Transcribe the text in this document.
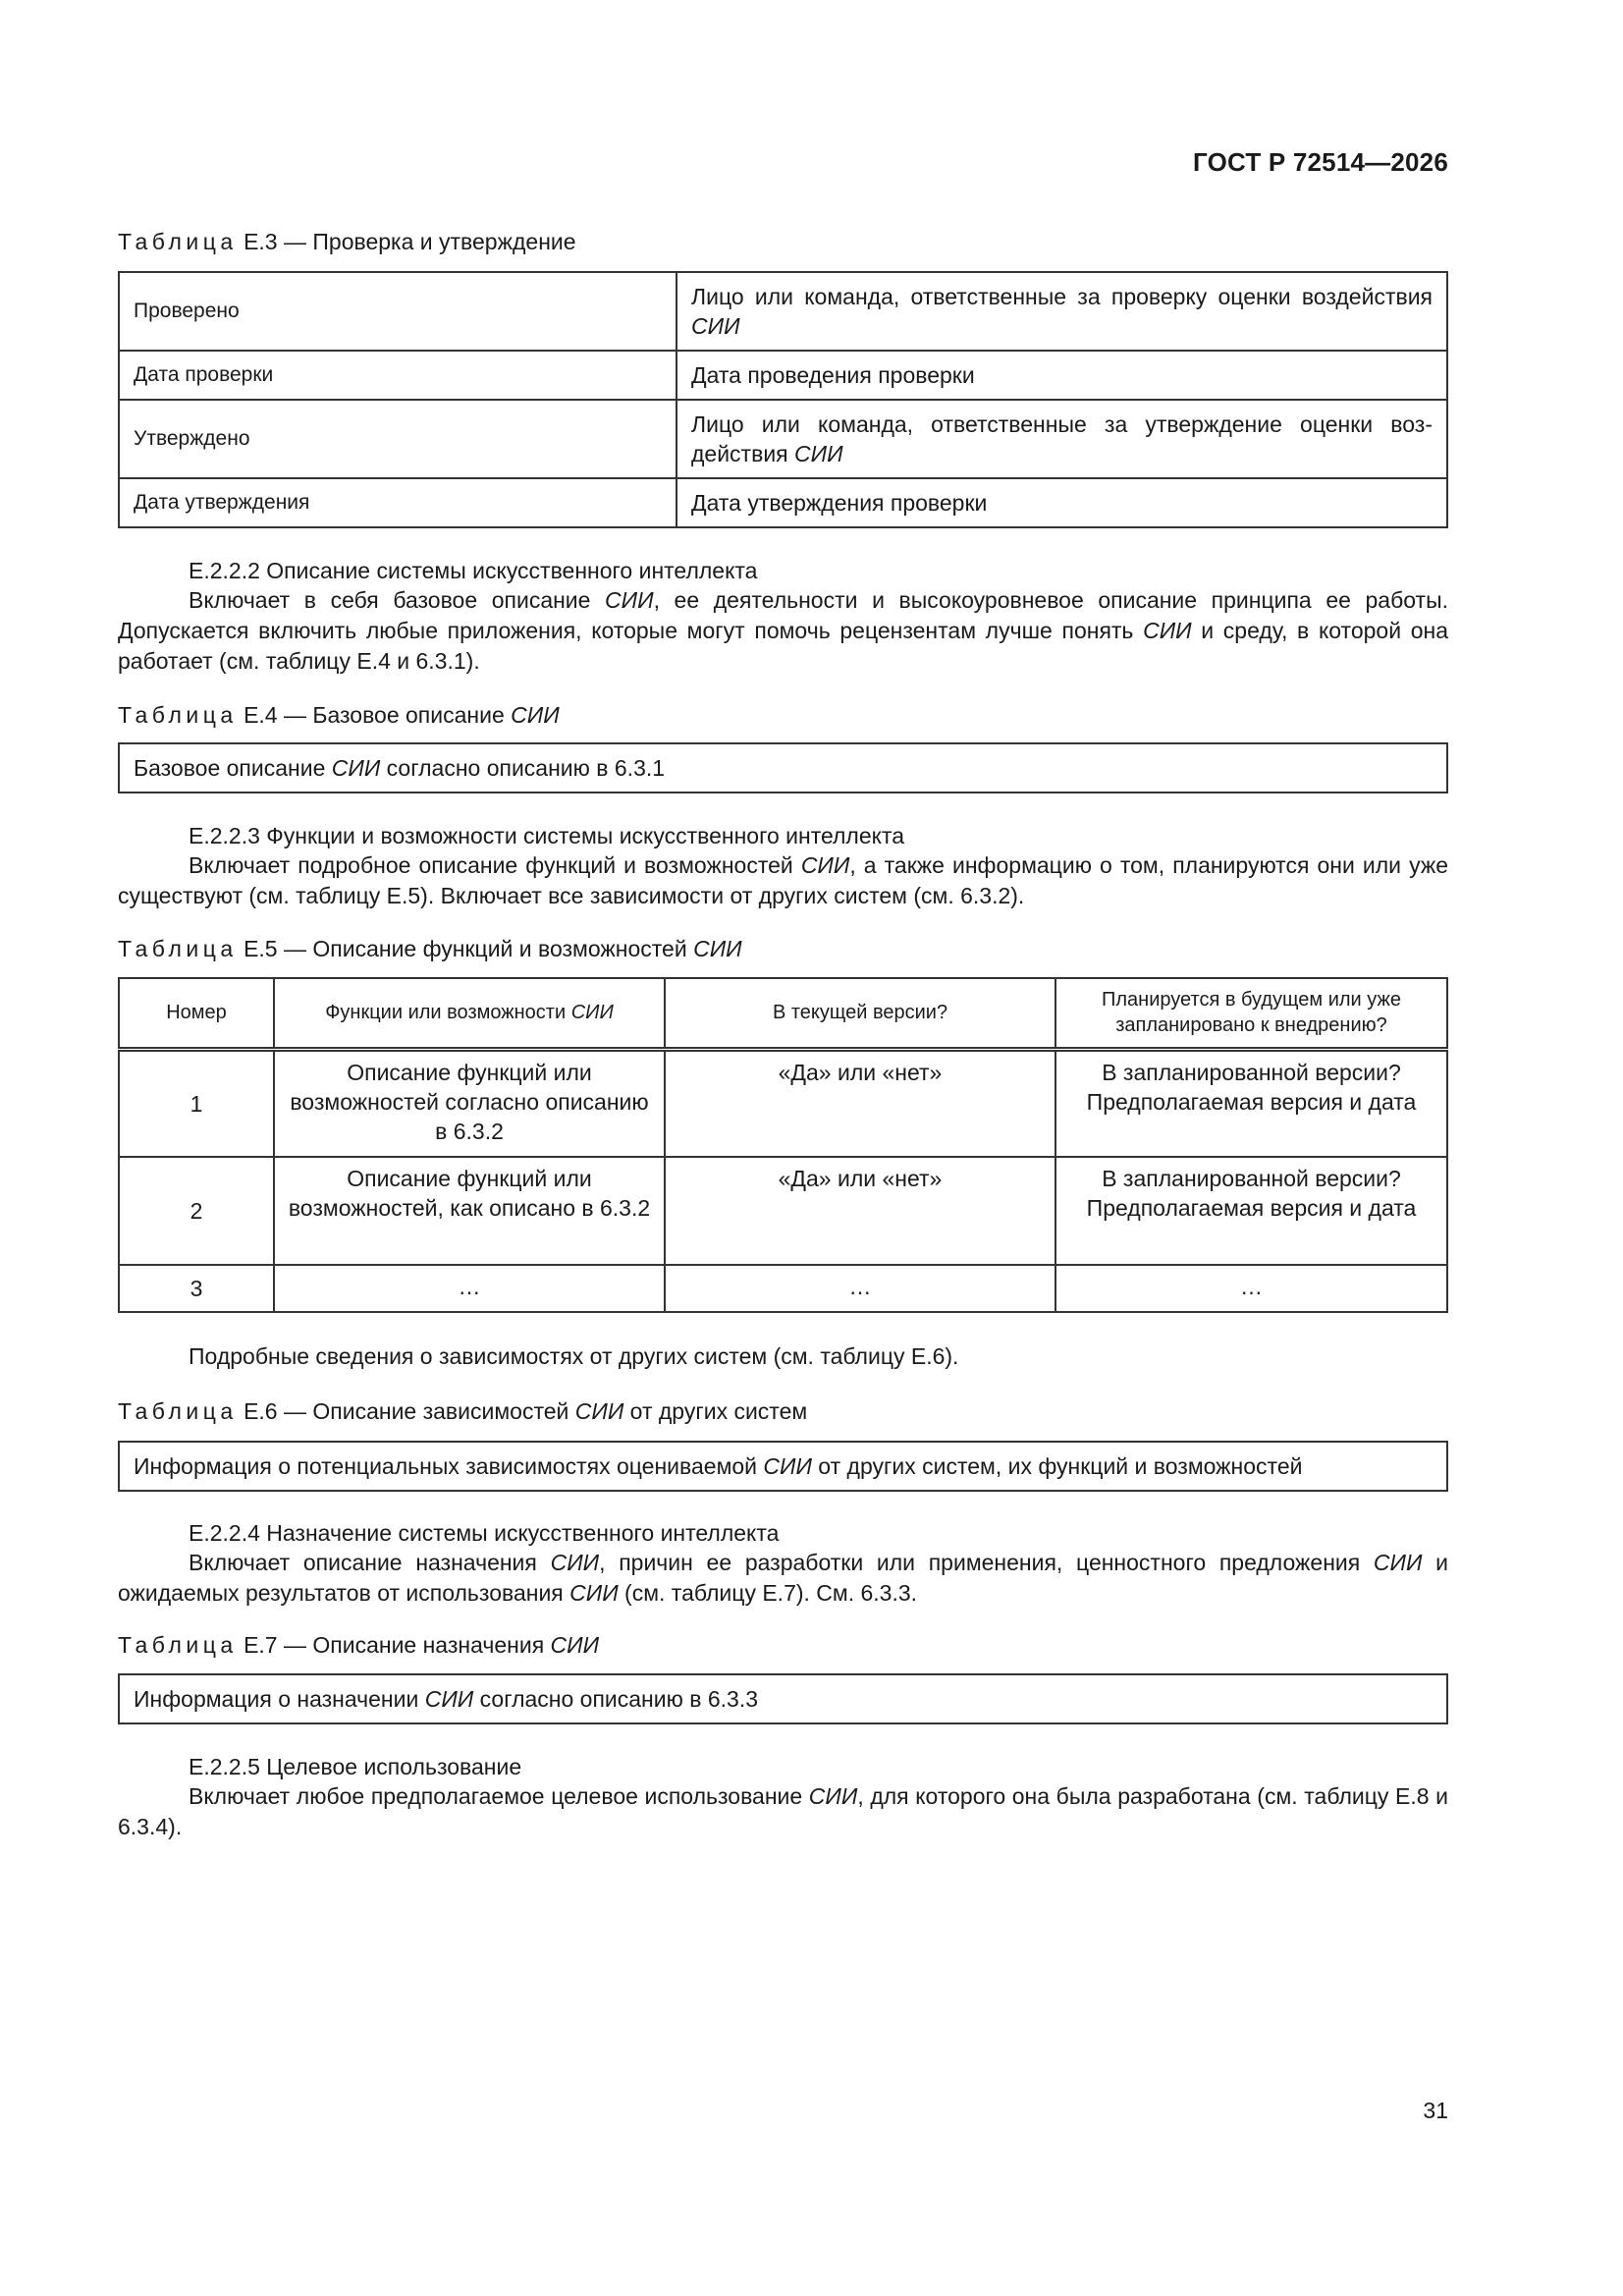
ГОСТ Р 72514—2026
Таблица Е.3 — Проверка и утверждение
Проверено	Лицо или команда, ответственные за проверку оценки воздействия СИИ
Дата проверки	Дата проведения проверки
Утверждено	Лицо или команда, ответственные за утверждение оценки воздействия СИИ
Дата утверждения	Дата утверждения проверки
Е.2.2.2 Описание системы искусственного интеллекта
Включает в себя базовое описание СИИ, ее деятельности и высокоуровневое описание принципа ее работы. Допускается включить любые приложения, которые могут помочь рецензентам лучше понять СИИ и среду, в которой она работает (см. таблицу Е.4 и 6.3.1).
Таблица Е.4 — Базовое описание СИИ
Базовое описание СИИ согласно описанию в 6.3.1
Е.2.2.3 Функции и возможности системы искусственного интеллекта
Включает подробное описание функций и возможностей СИИ, а также информацию о том, планируются они или уже существуют (см. таблицу Е.5). Включает все зависимости от других систем (см. 6.3.2).
Таблица Е.5 — Описание функций и возможностей СИИ
Номер	Функции или возможности СИИ	В текущей версии?	Планируется в будущем или уже запланировано к внедрению?
1	Описание функций или возможностей согласно описанию в 6.3.2	«Да» или «нет»	В запланированной версии? Предполагаемая версия и дата
2	Описание функций или возможностей, как описано в 6.3.2	«Да» или «нет»	В запланированной версии? Предполагаемая версия и дата
3	…	…	…
Подробные сведения о зависимостях от других систем (см. таблицу Е.6).
Таблица Е.6 — Описание зависимостей СИИ от других систем
Информация о потенциальных зависимостях оцениваемой СИИ от других систем, их функций и возможностей
Е.2.2.4 Назначение системы искусственного интеллекта
Включает описание назначения СИИ, причин ее разработки или применения, ценностного предложения СИИ и ожидаемых результатов от использования СИИ (см. таблицу Е.7). См. 6.3.3.
Таблица Е.7 — Описание назначения СИИ
Информация о назначении СИИ согласно описанию в 6.3.3
Е.2.2.5 Целевое использование
Включает любое предполагаемое целевое использование СИИ, для которого она была разработана (см. таблицу Е.8 и 6.3.4).
31
